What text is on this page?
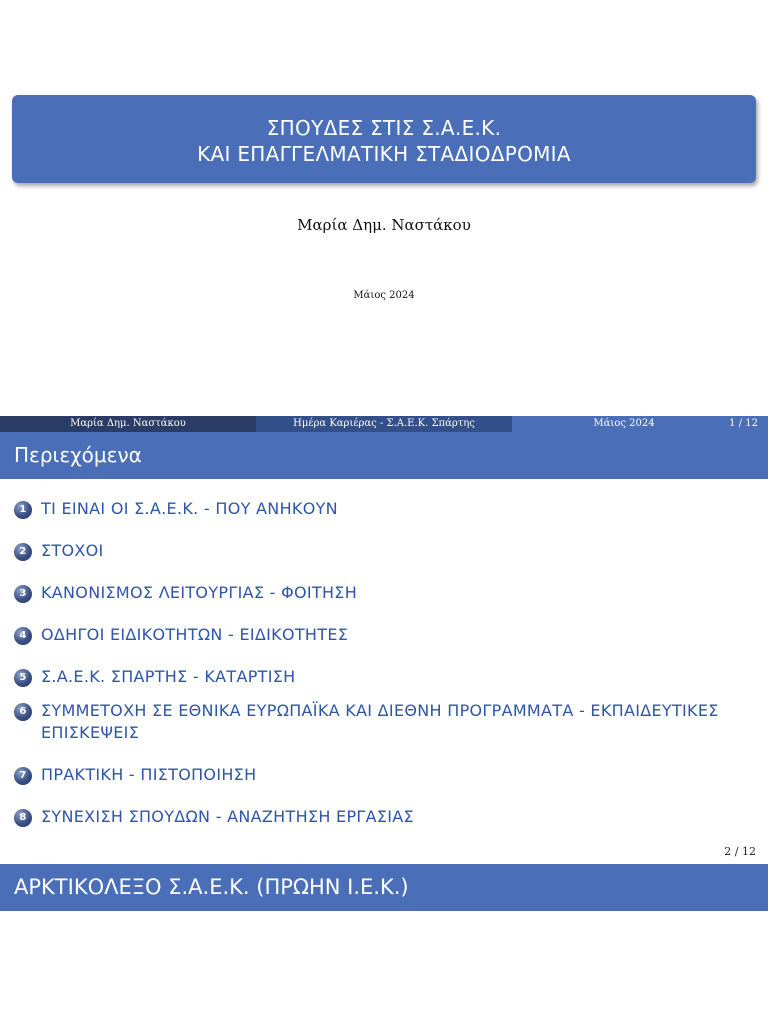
ΣΠΟΥΔΕΣ ΣΤΙΣ Σ.Α.Ε.Κ.
ΚΑΙ ΕΠΑΓΓΕΛΜΑΤΙΚΗ ΣΤΑΔΙΟΔΡΟΜΙΑ
Μαρία Δημ. Ναστάκου
Μάιος 2024
Μαρία Δημ. Ναστάκου	Ημέρα Καριέρας - Σ.Α.Ε.Κ. Σπάρτης	Μάιος 2024	1 / 12
Περιεχόμενα
1 ΤΙ ΕΙΝΑΙ ΟΙ Σ.Α.Ε.Κ. - ΠΟΥ ΑΝΗΚΟΥΝ
2 ΣΤΟΧΟΙ
3 ΚΑΝΟΝΙΣΜΟΣ ΛΕΙΤΟΥΡΓΙΑΣ - ΦΟΙΤΗΣΗ
4 ΟΔΗΓΟΙ ΕΙΔΙΚΟΤΗΤΩΝ - ΕΙΔΙΚΟΤΗΤΕΣ
5 Σ.Α.Ε.Κ. ΣΠΑΡΤΗΣ - ΚΑΤΑΡΤΙΣΗ
6 ΣΥΜΜΕΤΟΧΗ ΣΕ ΕΘΝΙΚΑ ΕΥΡΩΠΑΪΚΑ ΚΑΙ ΔΙΕΘΝΗ ΠΡΟΓΡΑΜΜΑΤΑ - ΕΚΠΑΙΔΕΥΤΙΚΕΣ ΕΠΙΣΚΕΨΕΙΣ
7 ΠΡΑΚΤΙΚΗ - ΠΙΣΤΟΠΟΙΗΣΗ
8 ΣΥΝΕΧΙΣΗ ΣΠΟΥΔΩΝ - ΑΝΑΖΗΤΗΣΗ ΕΡΓΑΣΙΑΣ
2 / 12
ΑΡΚΤΙΚΟΛΕΞΟ Σ.Α.Ε.Κ. (ΠΡΩΗΝ Ι.Ε.Κ.)
